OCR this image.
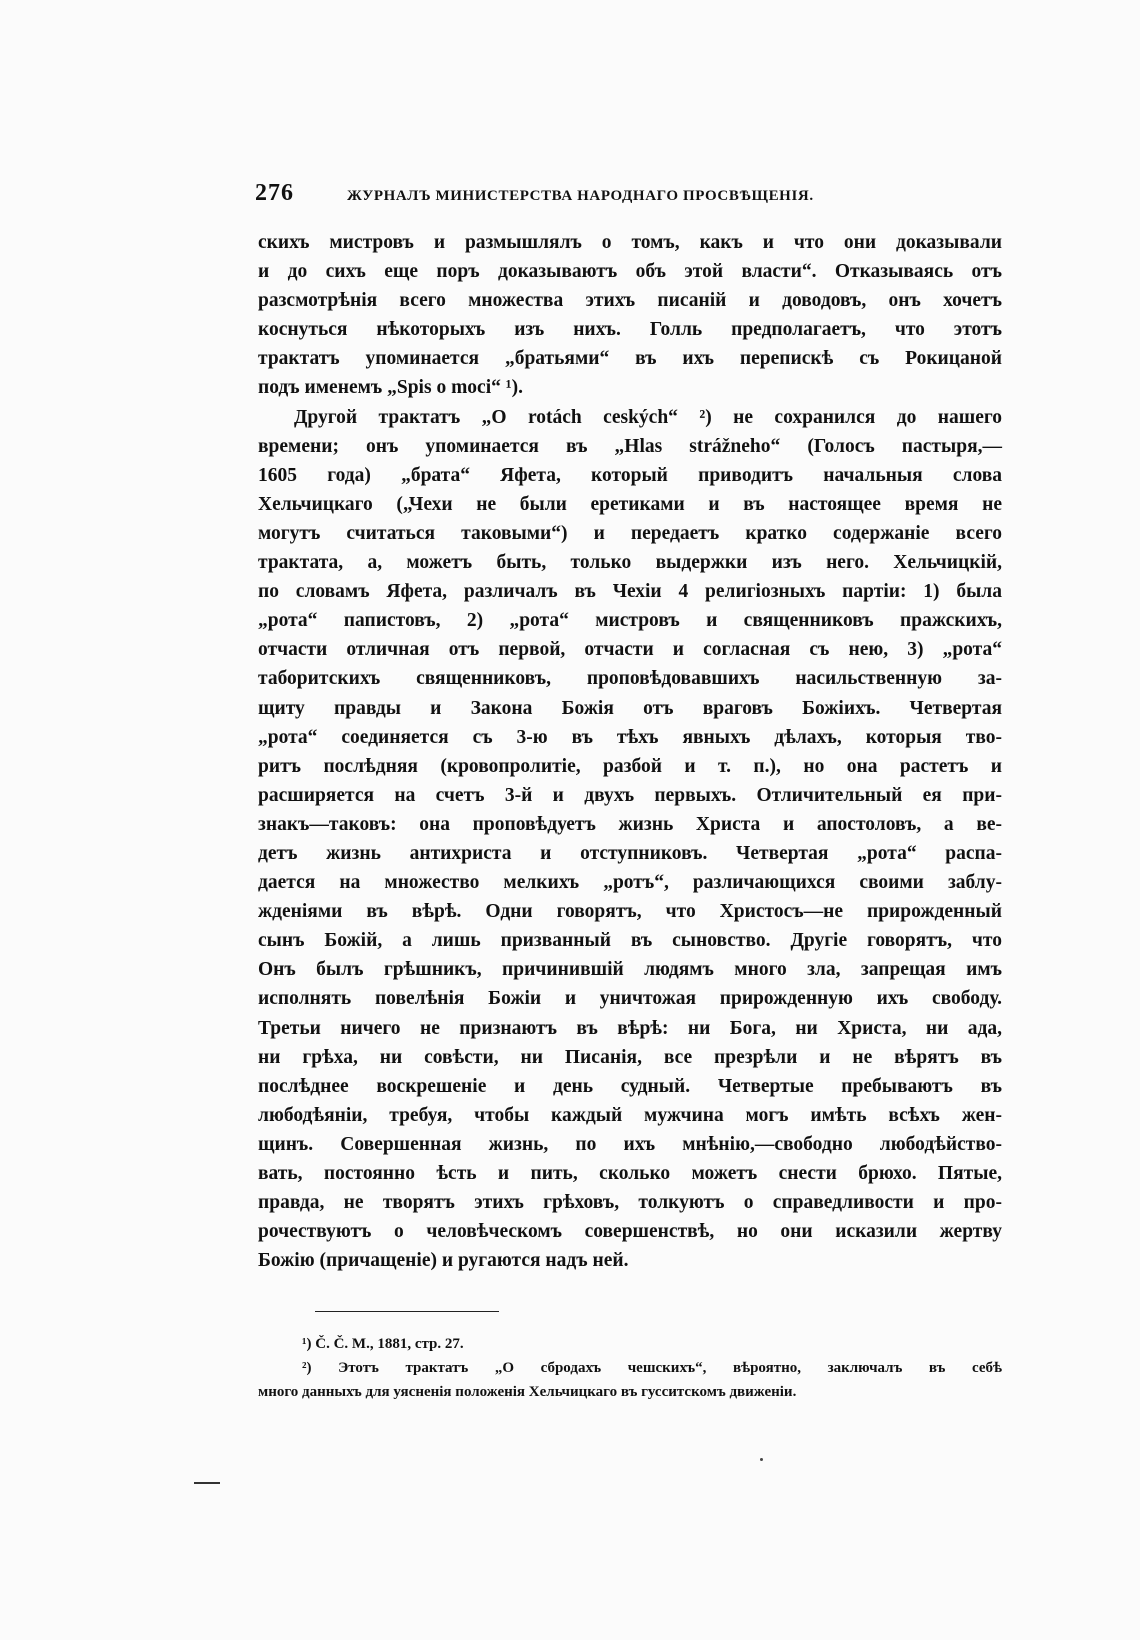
276	ЖУРНАЛЪ МИНИСТЕРСТВА НАРОДНАГО ПРОСВѢЩЕНІЯ.
скихъ мистровъ и размышлялъ о томъ, какъ и что они доказывали
и до сихъ еще поръ доказываютъ объ этой власти“. Отказываясь отъ
разсмотрѣнія всего множества этихъ писаній и доводовъ, онъ хочетъ
коснуться нѣкоторыхъ изъ нихъ. Голль предполагаетъ, что этотъ
трактатъ упоминается „братьями“ въ ихъ перепискѣ съ Рокицаной
подъ именемъ „Spis o moci“ ¹).
Другой трактатъ „O rotách ceských“ ²) не сохранился до нашего
времени; онъ упоминается въ „Hlas strážneho“ (Голосъ пастыря,—
1605 года) „брата“ Яфета, который приводитъ начальныя слова
Хельчицкаго („Чехи не были еретиками и въ настоящее время не
могутъ считаться таковыми“) и передаетъ кратко содержаніе всего
трактата, а, можетъ быть, только выдержки изъ него. Хельчицкій,
по словамъ Яфета, различалъ въ Чехіи 4 религіозныхъ партіи: 1) была
„рота“ папистовъ, 2) „рота“ мистровъ и священниковъ пражскихъ,
отчасти отличная отъ первой, отчасти и согласная съ нею, 3) „рота“
таборитскихъ священниковъ, проповѣдовавшихъ насильственную за-
щиту правды и Закона Божія отъ враговъ Божіихъ. Четвертая
„рота“ соединяется съ 3-ю въ тѣхъ явныхъ дѣлахъ, которыя тво-
ритъ послѣдняя (кровопролитіе, разбой и т. п.), но она растетъ и
расширяется на счетъ 3-й и двухъ первыхъ. Отличительный ея при-
знакъ—таковъ: она проповѣдуетъ жизнь Христа и апостоловъ, а ве-
детъ жизнь антихриста и отступниковъ. Четвертая „рота“ распа-
дается на множество мелкихъ „ротъ“, различающихся своими заблу-
жденіями въ вѣрѣ. Одни говорятъ, что Христосъ—не прирожденный
сынъ Божій, а лишь призванный въ сыновство. Другіе говорятъ, что
Онъ былъ грѣшникъ, причинившій людямъ много зла, запрещая имъ
исполнять повелѣнія Божіи и уничтожая прирожденную ихъ свободу.
Третьи ничего не признаютъ въ вѣрѣ: ни Бога, ни Христа, ни ада,
ни грѣха, ни совѣсти, ни Писанія, все презрѣли и не вѣрятъ въ
послѣднее воскрешеніе и день судный. Четвертые пребываютъ въ
любодѣяніи, требуя, чтобы каждый мужчина могъ имѣть всѣхъ жен-
щинъ. Совершенная жизнь, по ихъ мнѣнію,—свободно любодѣйство-
вать, постоянно ѣсть и пить, сколько можетъ снести брюхо. Пятые,
правда, не творятъ этихъ грѣховъ, толкуютъ о справедливости и про-
рочествуютъ о человѣческомъ совершенствѣ, но они исказили жертву
Божію (причащеніе) и ругаются надъ ней.
¹) Č. Č. M., 1881, стр. 27.
²) Этотъ трактатъ „О сбродахъ чешскихъ“, вѣроятно, заключалъ въ себѣ
много данныхъ для уясненія положенія Хельчицкаго въ гусситскомъ движеніи.
